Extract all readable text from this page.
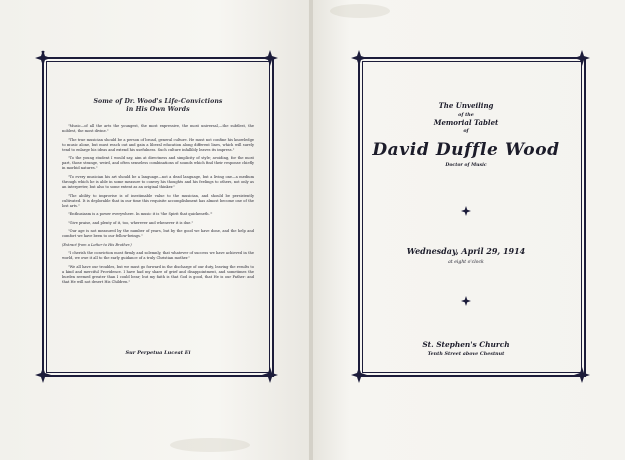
Some of Dr. Wood's Life-Convictions
in His Own Words

"Music—of all the arts the youngest, the most expressive, the most universal,—the subtlest, the noblest, the most divine."

"The true musician should be a person of broad, general culture. He must not confine his knowledge to music alone, but must reach out and gain a liberal education along different lines, which will surely tend to enlarge his ideas and extend his usefulness. Such culture infallibly leaves its impress."

"To the young student I would say, aim at directness and simplicity of style; avoiding, for the most part, those strange, weird, and often senseless combinations of sounds which find their response chiefly in morbid natures."

"To every musician his art should be a language—not a dead language, but a living one—a medium through which he is able in some measure to convey his thoughts and his feelings to others, not only as an interpreter, but also to some extent as an original thinker."

"The ability to improvise is of inestimable value to the musician, and should be persistently cultivated. It is deplorable that in our time this requisite accomplishment has almost become one of the lost arts."

"Enthusiasm is a power everywhere. In music it is 'the Spirit that quickeneth.'"

"Give praise, and plenty of it, too, wherever and whenever it is due."

"Our age is not measured by the number of years, but by the good we have done, and the help and comfort we have been to our fellow-beings."

(Extract from a Letter to His Brother.)

"I cherish the conviction most firmly and solemnly, that whatever of success we have achieved in the world, we owe it all to the early guidance of a truly Christian mother."

"We all have our troubles, but we must go forward in the discharge of our duty, leaving the results to a kind and merciful Providence. I have had my share of grief and disappointment, and sometimes the burden seemed greater than I could bear; but my faith is that God is good, that He is our Father: and that He will not desert His Children."

Sur Perpetua Luceat Ei
The Unveiling
of the
Memorial Tablet
of
David Duffle Wood
Doctor of Music
Wednesday, April 29, 1914
at eight o'clock
St. Stephen's Church
Tenth Street above Chestnut
